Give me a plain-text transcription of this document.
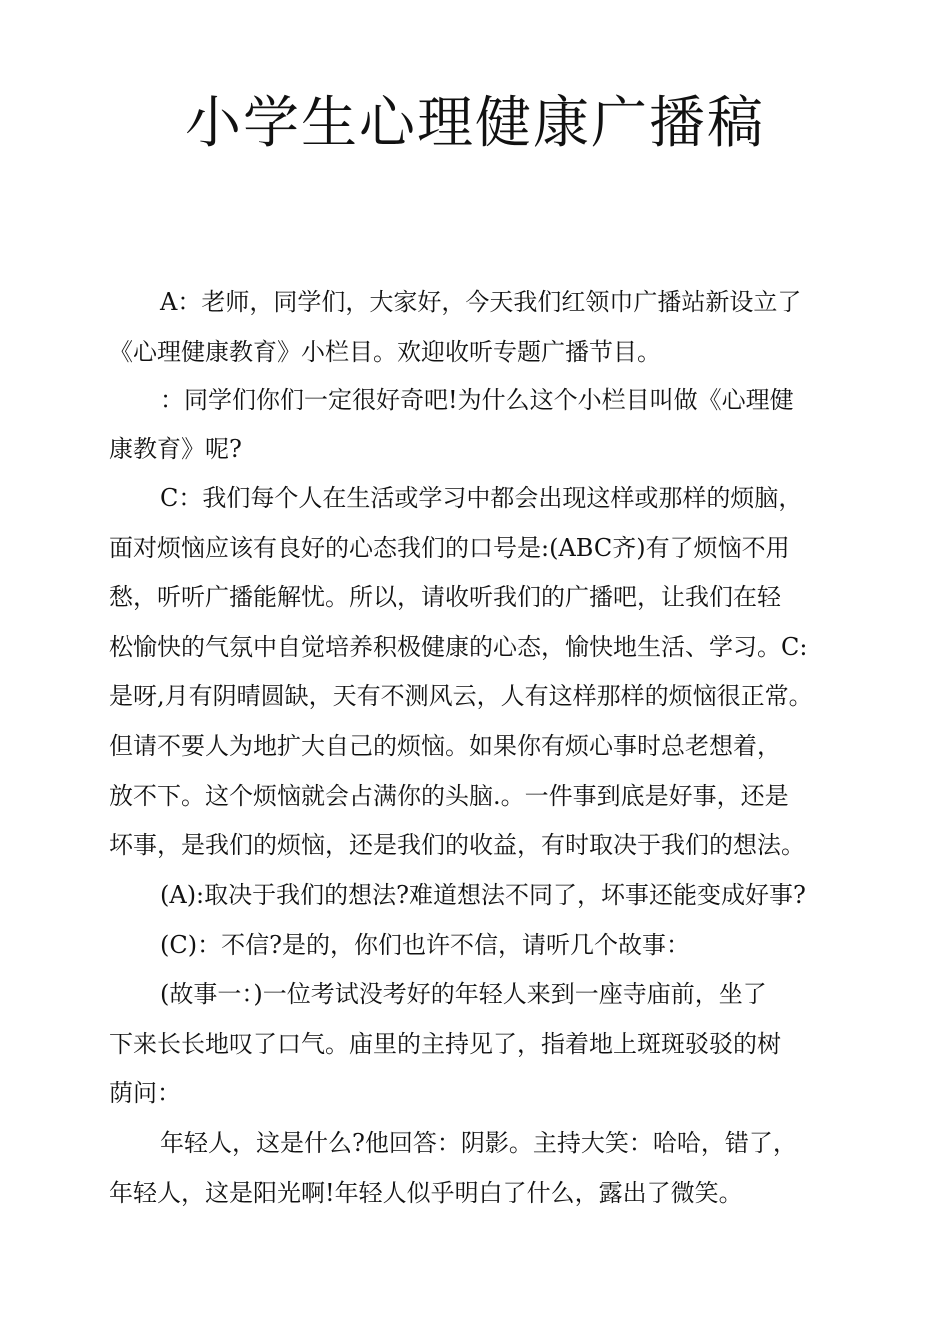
小学生心理健康广播稿
A：老师，同学们，大家好，今天我们红领巾广播站新设立了
《心理健康教育》小栏目。欢迎收听专题广播节目。
：同学们你们一定很好奇吧!为什么这个小栏目叫做《心理健
康教育》呢?
C：我们每个人在生活或学习中都会出现这样或那样的烦脑，
面对烦恼应该有良好的心态我们的口号是:(ABC齐)有了烦恼不用
愁，听听广播能解忧。所以，请收听我们的广播吧，让我们在轻
松愉快的气氛中自觉培养积极健康的心态，愉快地生活、学习。C:
是呀,月有阴晴圆缺，天有不测风云，人有这样那样的烦恼很正常。
但请不要人为地扩大自己的烦恼。如果你有烦心事时总老想着，
放不下。这个烦恼就会占满你的头脑.。一件事到底是好事，还是
坏事，是我们的烦恼，还是我们的收益，有时取决于我们的想法。
(A):取决于我们的想法?难道想法不同了，坏事还能变成好事?
(C)：不信?是的，你们也许不信，请听几个故事：
(故事一：)一位考试没考好的年轻人来到一座寺庙前，坐了
下来长长地叹了口气。庙里的主持见了，指着地上斑斑驳驳的树
荫问：
年轻人，这是什么?他回答：阴影。主持大笑：哈哈，错了，
年轻人，这是阳光啊!年轻人似乎明白了什么，露出了微笑。
